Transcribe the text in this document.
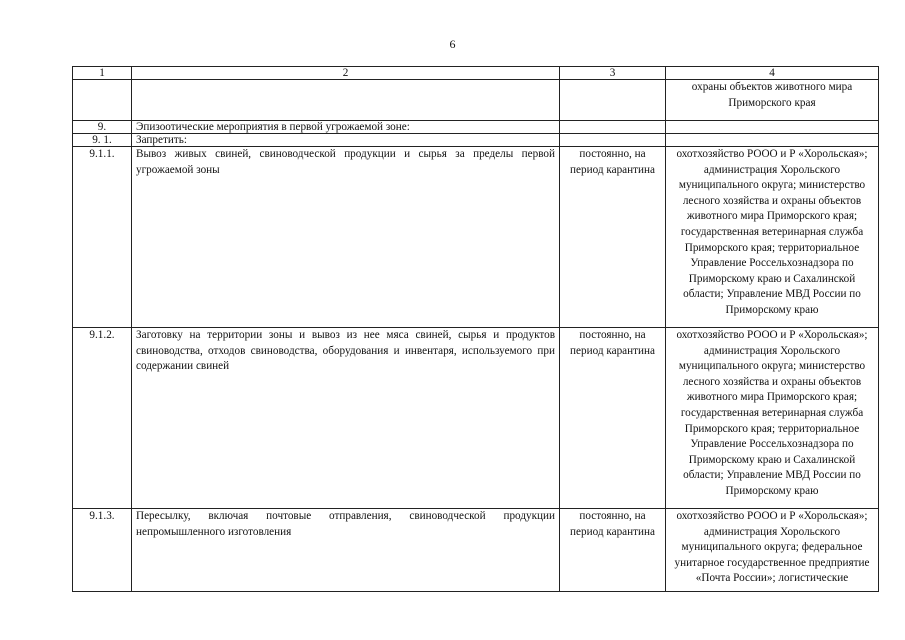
6
1	2	3	4
			охраны объектов животного мира Приморского края
9.	Эпизоотические мероприятия в первой угрожаемой зоне:		
9. 1.	Запретить:		
9.1.1.	Вывоз живых свиней, свиноводческой продукции и сырья за пределы первой угрожаемой зоны	постоянно, на период карантина	охотхозяйство РООО и Р «Хорольская»; администрация Хорольского муниципального округа; министерство лесного хозяйства и охраны объектов животного мира Приморского края; государственная ветеринарная служба Приморского края; территориальное Управление Россельхознадзора по Приморскому краю и Сахалинской области; Управление МВД России по Приморскому краю
9.1.2.	Заготовку на территории зоны и вывоз из нее мяса свиней, сырья и продуктов свиноводства, отходов свиноводства, оборудования и инвентаря, используемого при содержании свиней	постоянно, на период карантина	охотхозяйство РООО и Р «Хорольская»; администрация Хорольского муниципального округа; министерство лесного хозяйства и охраны объектов животного мира Приморского края; государственная ветеринарная служба Приморского края; территориальное Управление Россельхознадзора по Приморскому краю и Сахалинской области; Управление МВД России по Приморскому краю
9.1.3.	Пересылку, включая почтовые отправления, свиноводческой продукции непромышленного изготовления	постоянно, на период карантина	охотхозяйство РООО и Р «Хорольская»; администрация Хорольского муниципального округа; федеральное унитарное государственное предприятие «Почта России»; логистические
